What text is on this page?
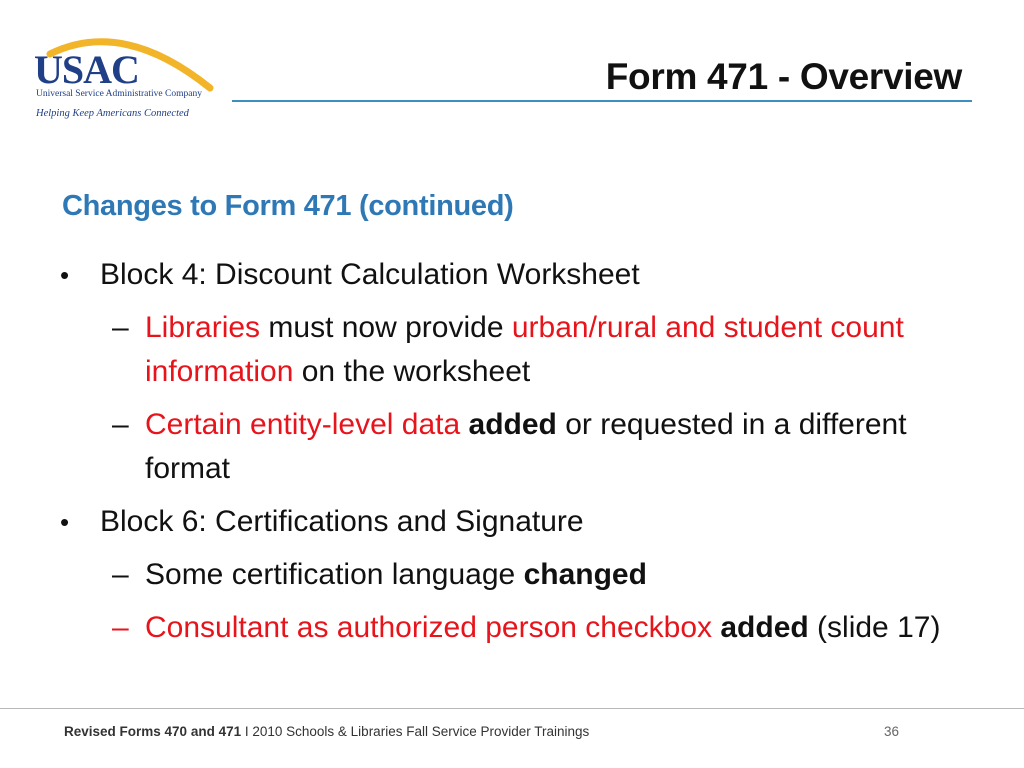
USAC
Universal Service Administrative Company
Helping Keep Americans Connected
Form 471 - Overview
Changes to Form 471 (continued)
• Block 4: Discount Calculation Worksheet
– Libraries must now provide urban/rural and student count information on the worksheet
– Certain entity-level data added or requested in a different format
• Block 6: Certifications and Signature
– Some certification language changed
– Consultant as authorized person checkbox added (slide 17)
Revised Forms 470 and 471 I 2010 Schools & Libraries Fall Service Provider Trainings	36
